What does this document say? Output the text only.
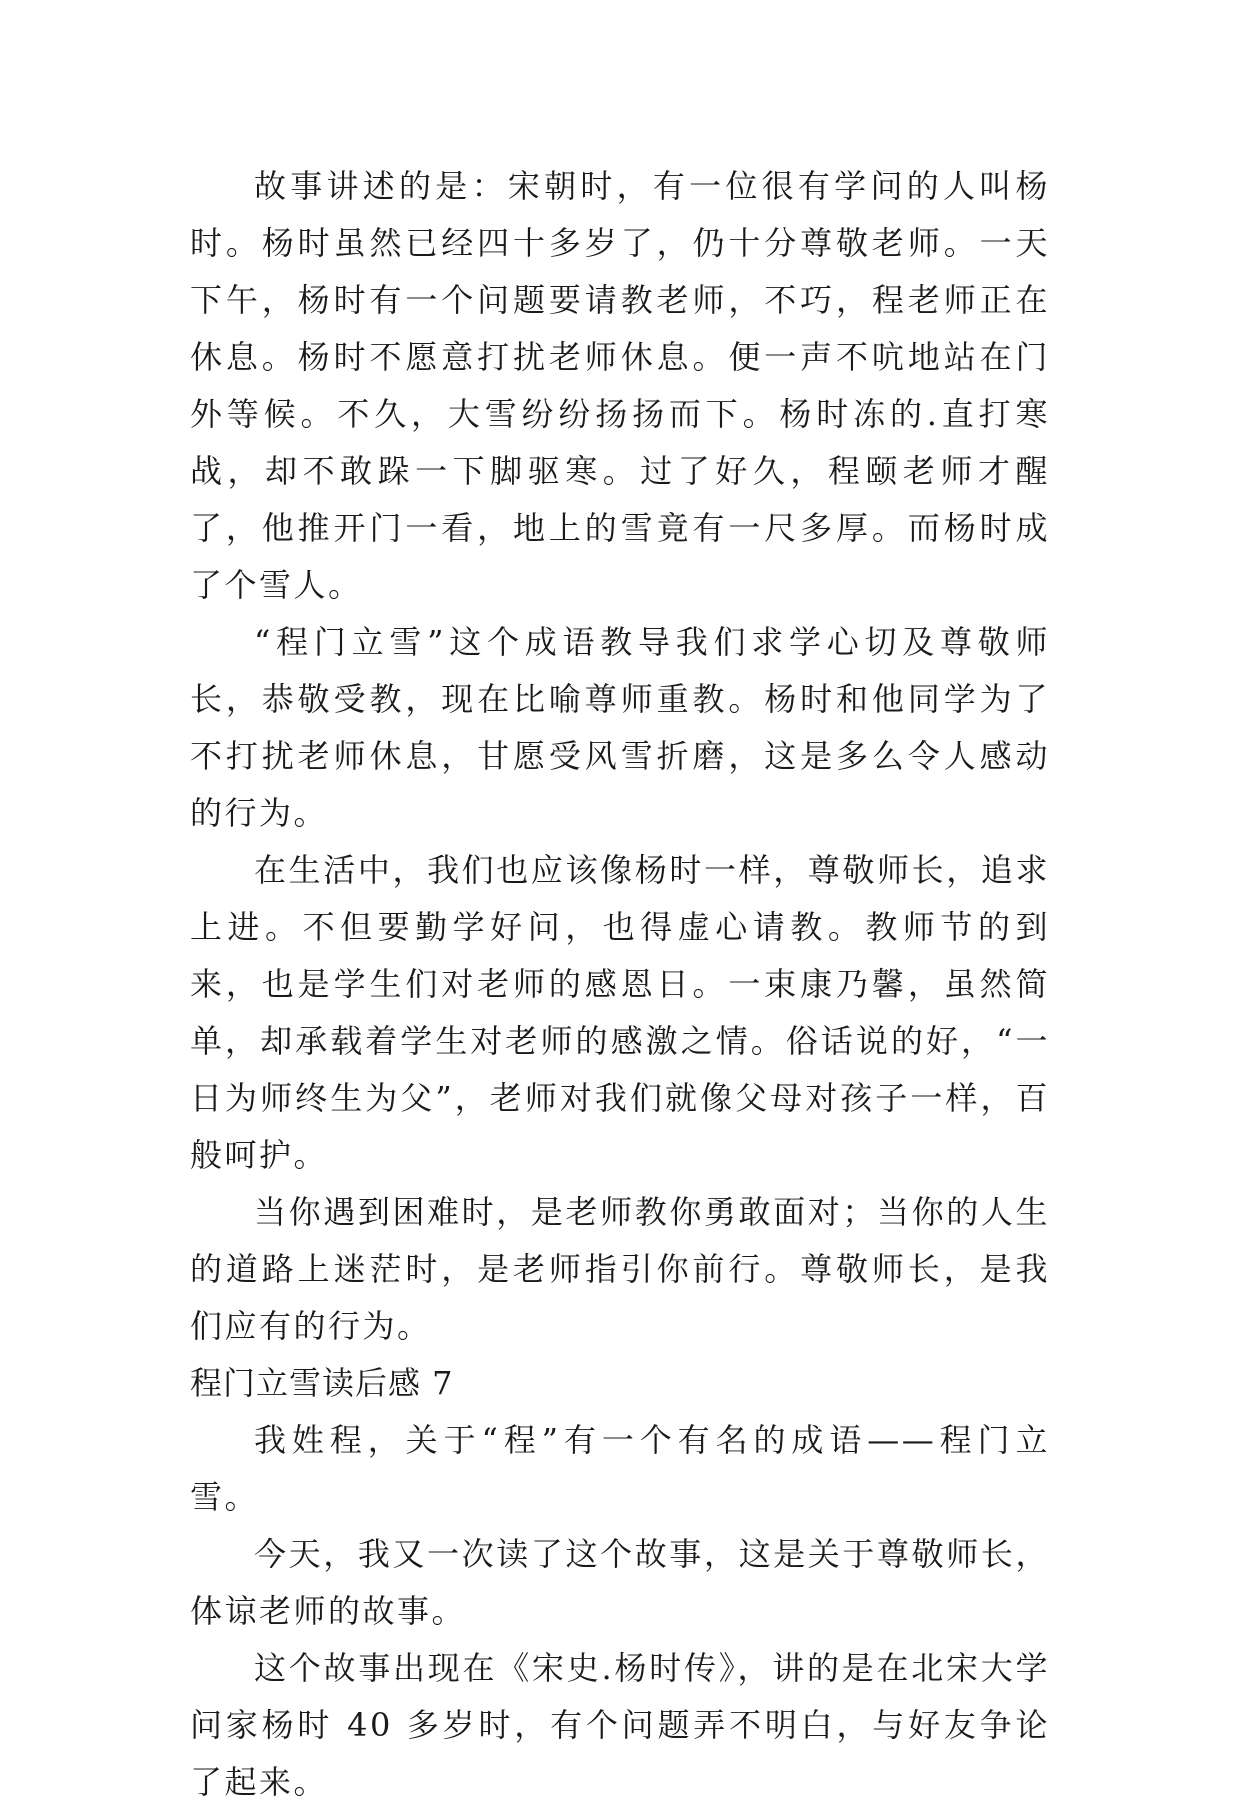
故事讲述的是：宋朝时，有一位很有学问的人叫杨时。杨时虽然已经四十多岁了，仍十分尊敬老师。一天下午，杨时有一个问题要请教老师，不巧，程老师正在休息。杨时不愿意打扰老师休息。便一声不吭地站在门外等候。不久，大雪纷纷扬扬而下。杨时冻的.直打寒战，却不敢跺一下脚驱寒。过了好久，程颐老师才醒了，他推开门一看，地上的雪竟有一尺多厚。而杨时成了个雪人。

“程门立雪”这个成语教导我们求学心切及尊敬师长，恭敬受教，现在比喻尊师重教。杨时和他同学为了不打扰老师休息，甘愿受风雪折磨，这是多么令人感动的行为。

在生活中，我们也应该像杨时一样，尊敬师长，追求上进。不但要勤学好问，也得虚心请教。教师节的到来，也是学生们对老师的感恩日。一束康乃馨，虽然简单，却承载着学生对老师的感激之情。俗话说的好，“一日为师终生为父”，老师对我们就像父母对孩子一样，百般呵护。

当你遇到困难时，是老师教你勇敢面对；当你的人生的道路上迷茫时，是老师指引你前行。尊敬师长，是我们应有的行为。

程门立雪读后感 7

我姓程，关于“程”有一个有名的成语——程门立雪。

今天，我又一次读了这个故事，这是关于尊敬师长，体谅老师的故事。

这个故事出现在《宋史.杨时传》，讲的是在北宋大学问家杨时 40 多岁时，有个问题弄不明白，与好友争论了起来。
